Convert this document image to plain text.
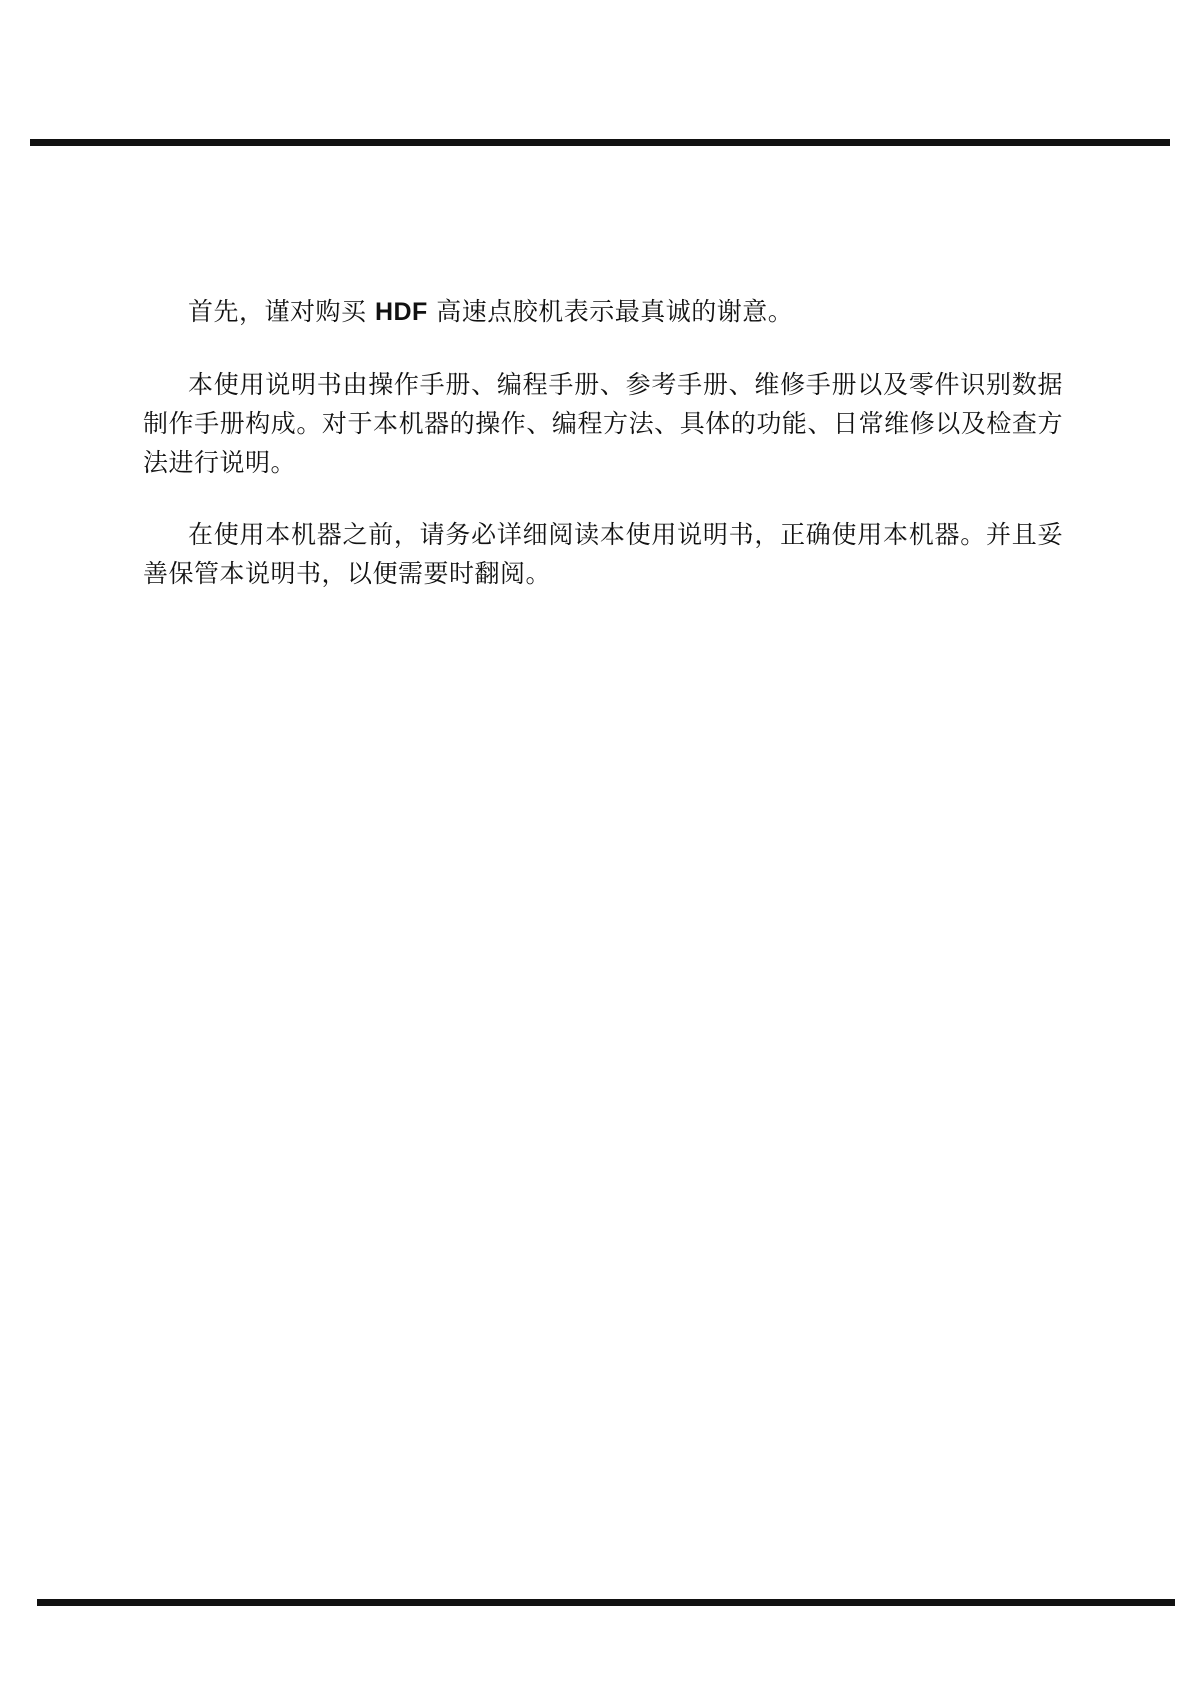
首先，谨对购买 HDF 高速点胶机表示最真诚的谢意。

本使用说明书由操作手册、编程手册、参考手册、维修手册以及零件识别数据制作手册构成。对于本机器的操作、编程方法、具体的功能、日常维修以及检查方法进行说明。

在使用本机器之前，请务必详细阅读本使用说明书，正确使用本机器。并且妥善保管本说明书，以便需要时翻阅。
